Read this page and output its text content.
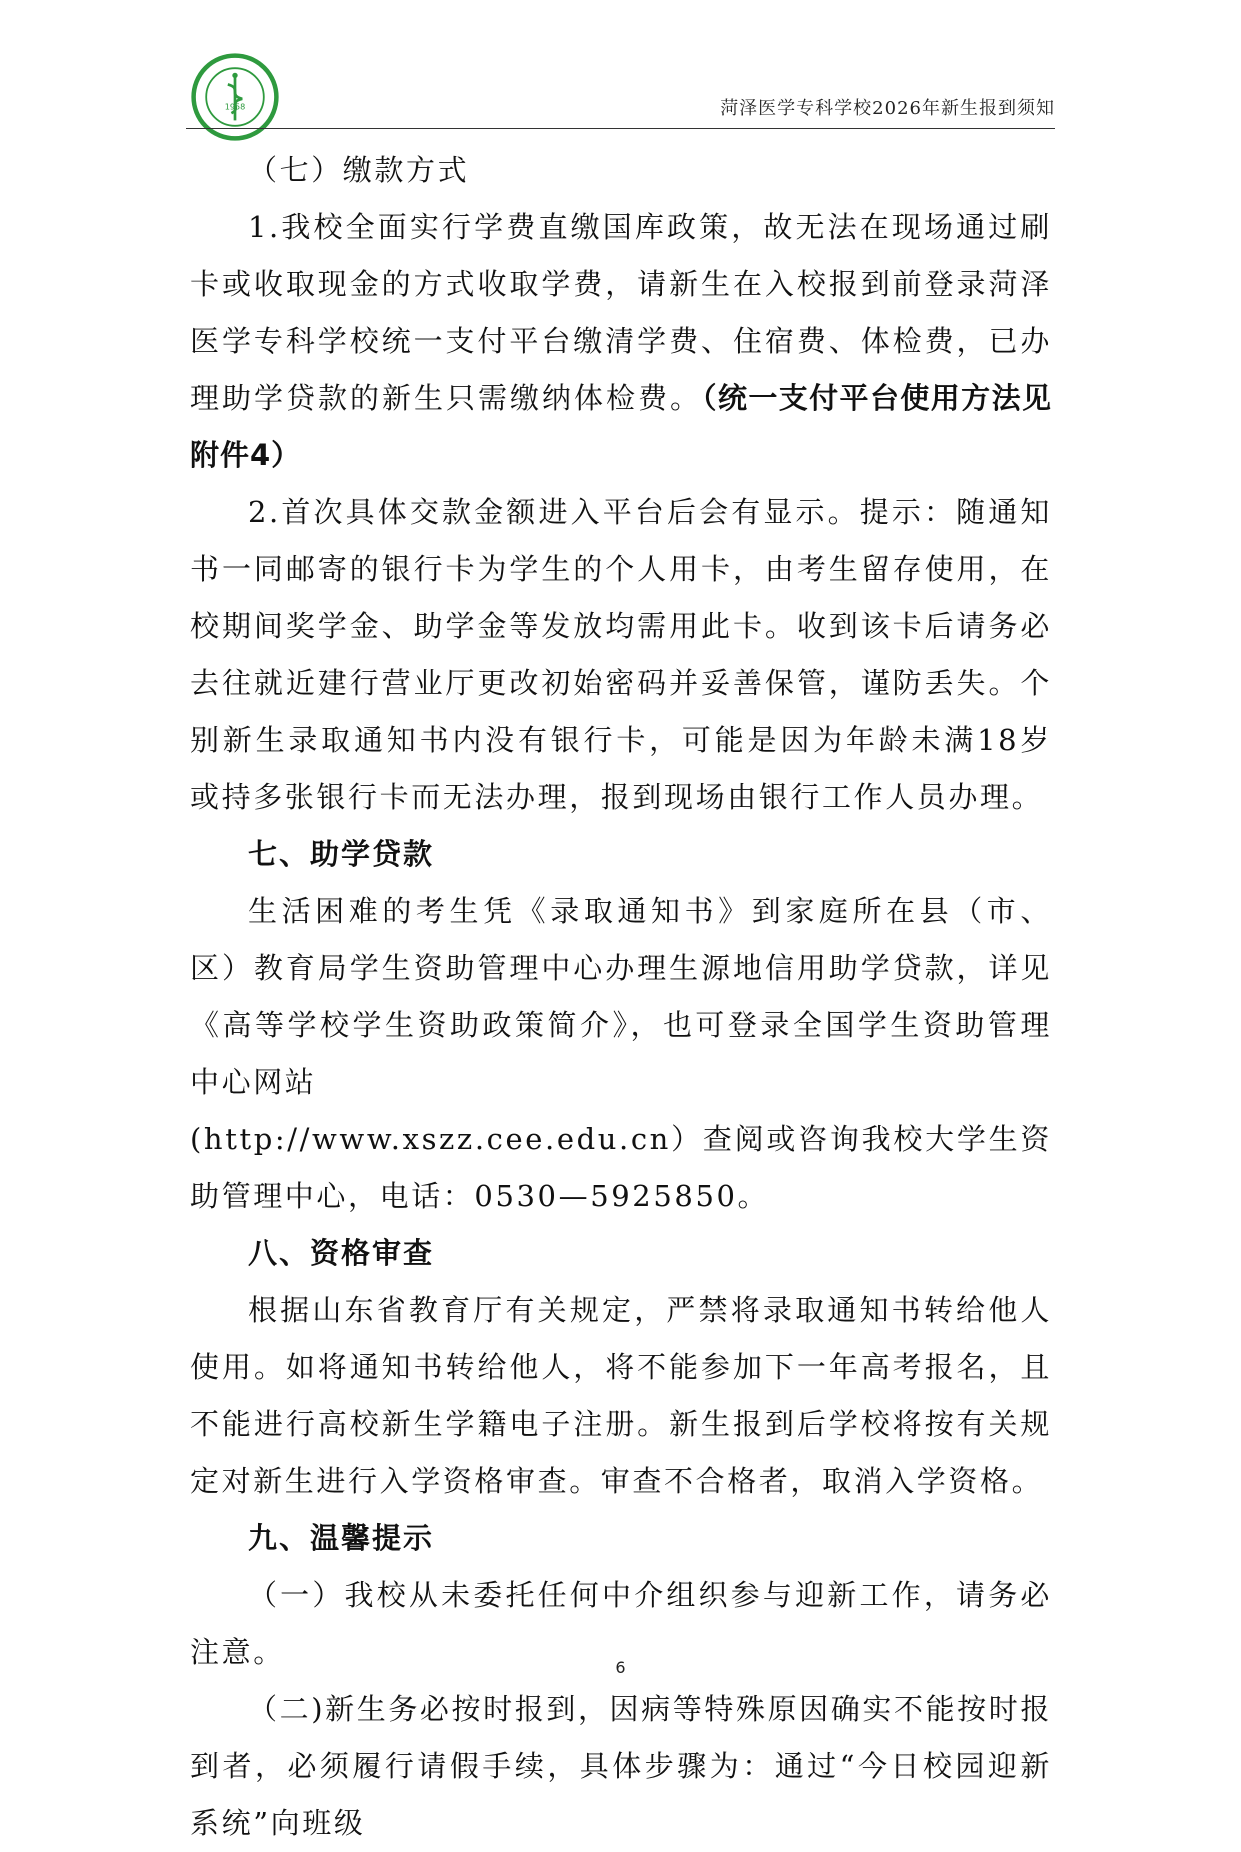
1958	菏泽医学专科学校2026年新生报到须知

（七）缴款方式

1.我校全面实行学费直缴国库政策，故无法在现场通过刷卡或收取现金的方式收取学费，请新生在入校报到前登录菏泽医学专科学校统一支付平台缴清学费、住宿费、体检费，已办理助学贷款的新生只需缴纳体检费。（统一支付平台使用方法见附件4）

2.首次具体交款金额进入平台后会有显示。提示：随通知书一同邮寄的银行卡为学生的个人用卡，由考生留存使用，在校期间奖学金、助学金等发放均需用此卡。收到该卡后请务必去往就近建行营业厅更改初始密码并妥善保管，谨防丢失。个别新生录取通知书内没有银行卡，可能是因为年龄未满18岁或持多张银行卡而无法办理，报到现场由银行工作人员办理。

七、助学贷款

生活困难的考生凭《录取通知书》到家庭所在县（市、区）教育局学生资助管理中心办理生源地信用助学贷款，详见《高等学校学生资助政策简介》，也可登录全国学生资助管理中心网站

(http://www.xszz.cee.edu.cn）查阅或咨询我校大学生资助管理中心，电话：0530—5925850。

八、资格审查

根据山东省教育厅有关规定，严禁将录取通知书转给他人使用。如将通知书转给他人，将不能参加下一年高考报名，且不能进行高校新生学籍电子注册。新生报到后学校将按有关规定对新生进行入学资格审查。审查不合格者，取消入学资格。

九、温馨提示

（一）我校从未委托任何中介组织参与迎新工作，请务必注意。

（二)新生务必按时报到，因病等特殊原因确实不能按时报到者，必须履行请假手续，具体步骤为：通过“今日校园迎新系统”向班级

6
